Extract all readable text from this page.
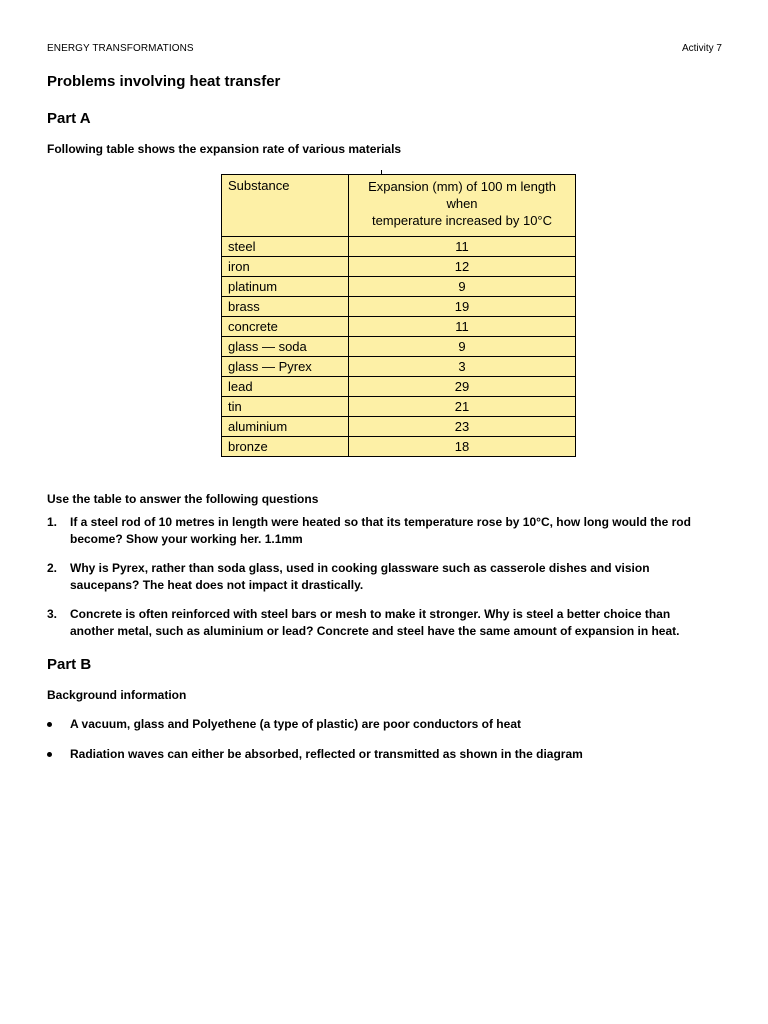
ENERGY TRANSFORMATIONS	Activity 7
Problems involving heat transfer
Part A
Following table shows the expansion rate of various materials
Substance	Expansion (mm) of 100 m length when
temperature increased by 10°C
steel	11
iron	12
platinum	9
brass	19
concrete	11
glass — soda	9
glass — Pyrex	3
lead	29
tin	21
aluminium	23
bronze	18
Use the table to answer the following questions
1. If a steel rod of 10 metres in length were heated so that its temperature rose by 10°C, how long would the rod become? Show your working her. 1.1mm
2. Why is Pyrex, rather than soda glass, used in cooking glassware such as casserole dishes and vision saucepans? The heat does not impact it drastically.
3. Concrete is often reinforced with steel bars or mesh to make it stronger. Why is steel a better choice than another metal, such as aluminium or lead? Concrete and steel have the same amount of expansion in heat.
Part B
Background information
A vacuum, glass and Polyethene (a type of plastic) are poor conductors of heat
Radiation waves can either be absorbed, reflected or transmitted as shown in the diagram
